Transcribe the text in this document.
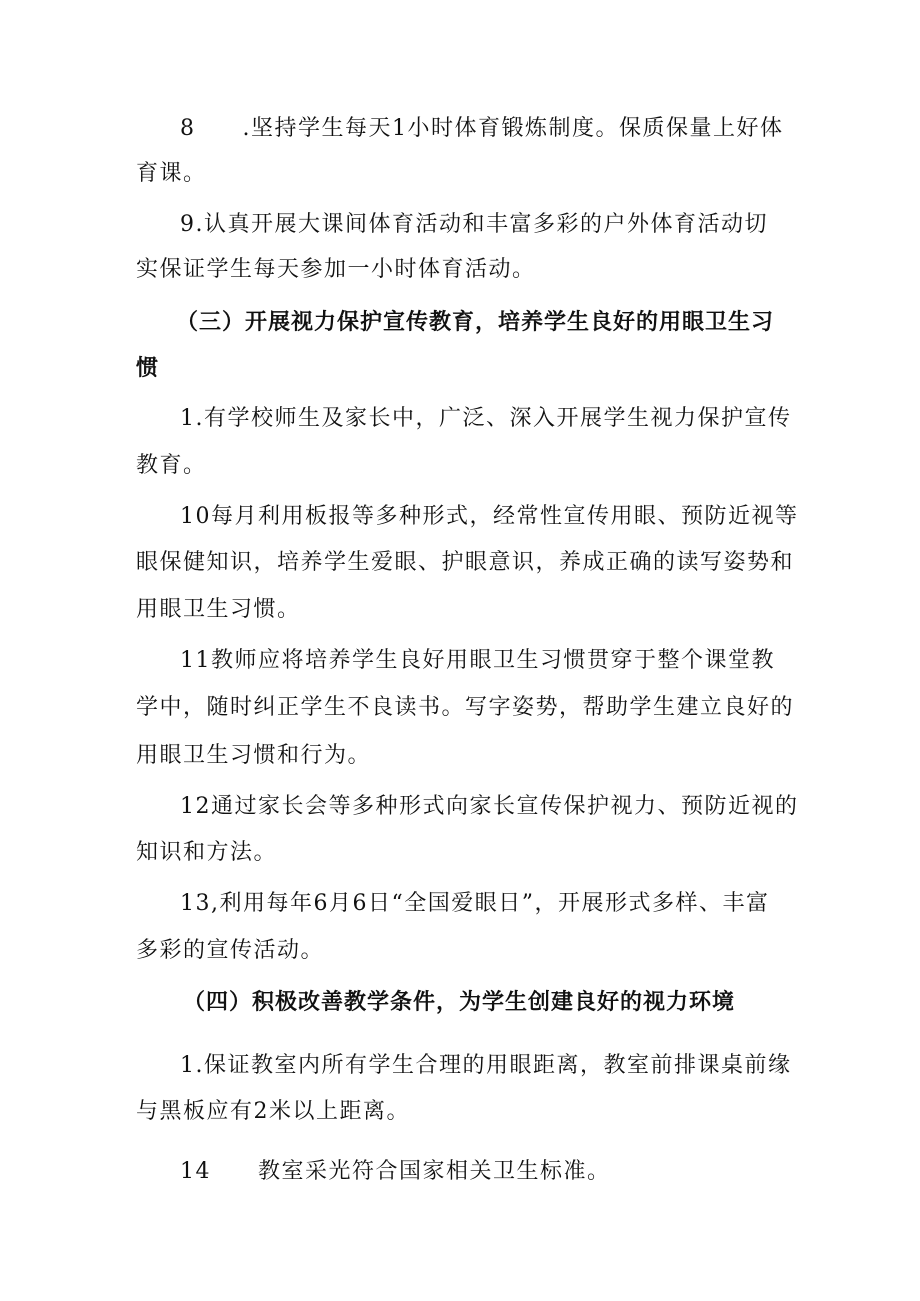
8　　.坚持学生每天1小时体育锻炼制度。保质保量上好体
育课。
9.认真开展大课间体育活动和丰富多彩的户外体育活动切
实保证学生每天参加一小时体育活动。
（三）开展视力保护宣传教育，培养学生良好的用眼卫生习
惯
1.有学校师生及家长中，广泛、深入开展学生视力保护宣传
教育。
10每月利用板报等多种形式，经常性宣传用眼、预防近视等
眼保健知识，培养学生爱眼、护眼意识，养成正确的读写姿势和
用眼卫生习惯。
11教师应将培养学生良好用眼卫生习惯贯穿于整个课堂教
学中，随时纠正学生不良读书。写字姿势，帮助学生建立良好的
用眼卫生习惯和行为。
12通过家长会等多种形式向家长宣传保护视力、预防近视的
知识和方法。
13,利用每年6月6日“全国爱眼日”，开展形式多样、丰富
多彩的宣传活动。
（四）积极改善教学条件，为学生创建良好的视力环境
1.保证教室内所有学生合理的用眼距离，教室前排课桌前缘
与黑板应有2米以上距离。
14　　教室采光符合国家相关卫生标准。
